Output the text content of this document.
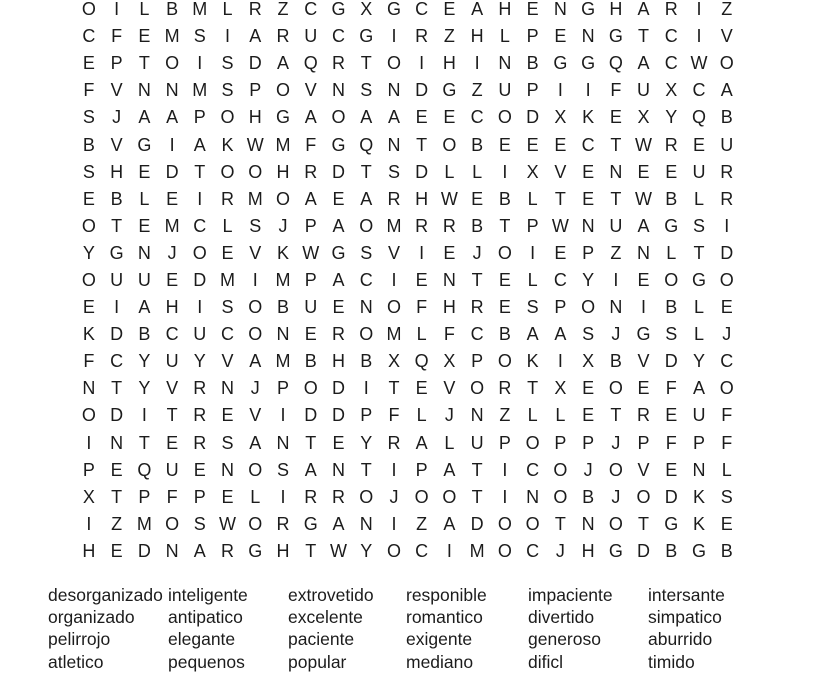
O	I	L B M L R Z C G X G C E A H E N G H A R	I	Z
C F E M S	I	A R U C G	I	R Z H L P E N G T C	I	V
E P T O	I	S D A Q R T O	I	H	I	N B G G Q A C W O
F V N N M S P O V N S N D G Z U P	I	I	F U X C A
S J A A P O H G A O A A E E C O D X K E X Y Q B
B V G	I	A K W M F G Q N T O B E E E C T W R E U
S H E D T O O H R D T S D L L	I	X V E N E E U R
E B L E	I	R M O A E A R H W E B L T E T W B L R
O T E M C L S J P A O M R R B T P W N U A G S	I
Y G N J O E V K W G S V	I	E J O	I	E P Z N L T D
O U U E D M I M P A C	I	E N T E L C Y	I	E O G O
E	I	A H	I	S O B U E N O F H R E S P O N	I	B L E
K D B C U C O N E R O M L F C B A A S J G S L	J
F C Y U Y V A M B H B X Q X P O K	I	X B V D Y C
N T Y V R N J P O D	I	T E V O R T X E O E F A O
O D	I	T R E V	I	D D P F L	J N Z L L E T R E U F
I	N T E R S A N T E Y R A L U P O P P J P F P F
P E Q U E N O S A N T	I	P A T	I	C O J O V E N L
X T P F P E L	I	R R O J O O T	I	N O B J O D K S
I	Z M O S W O R G A N	I	Z A D O O T N O T G K E
H E D N A R G H T W Y O C	I M O C J H G D B G B
desorganizado
organizado
pelirrojo
atletico
inteligente
antipatico
elegante
pequenos
extrovetido
excelente
paciente
popular
responible
romantico
exigente
mediano
impaciente
divertido
generoso
dificl
intersante
simpatico
aburrido
timido
